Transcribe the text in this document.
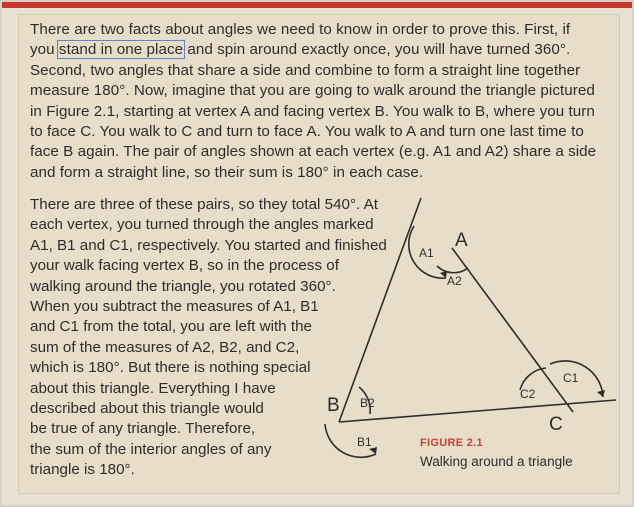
There are two facts about angles we need to know in order to prove this. First, if
you stand in one place and spin around exactly once, you will have turned 360°.
Second, two angles that share a side and combine to form a straight line together
measure 180°. Now, imagine that you are going to walk around the triangle pictured
in Figure 2.1, starting at vertex A and facing vertex B. You walk to B, where you turn
to face C. You walk to C and turn to face A. You walk to A and turn one last time to
face B again. The pair of angles shown at each vertex (e.g. A1 and A2) share a side
and form a straight line, so their sum is 180° in each case.
There are three of these pairs, so they total 540°. At
each vertex, you turned through the angles marked
A1, B1 and C1, respectively. You started and finished
your walk facing vertex B, so in the process of
walking around the triangle, you rotated 360°.
When you subtract the measures of A1, B1
and C1 from the total, you are left with the
sum of the measures of A2, B2, and C2,
which is 180°. But there is nothing special
about this triangle. Everything I have
described about this triangle would
be true of any triangle. Therefore,
the sum of the interior angles of any
triangle is 180°.
A
B
C
A1
A2
B1
B2
C1
C2
FIGURE 2.1
Walking around a triangle
